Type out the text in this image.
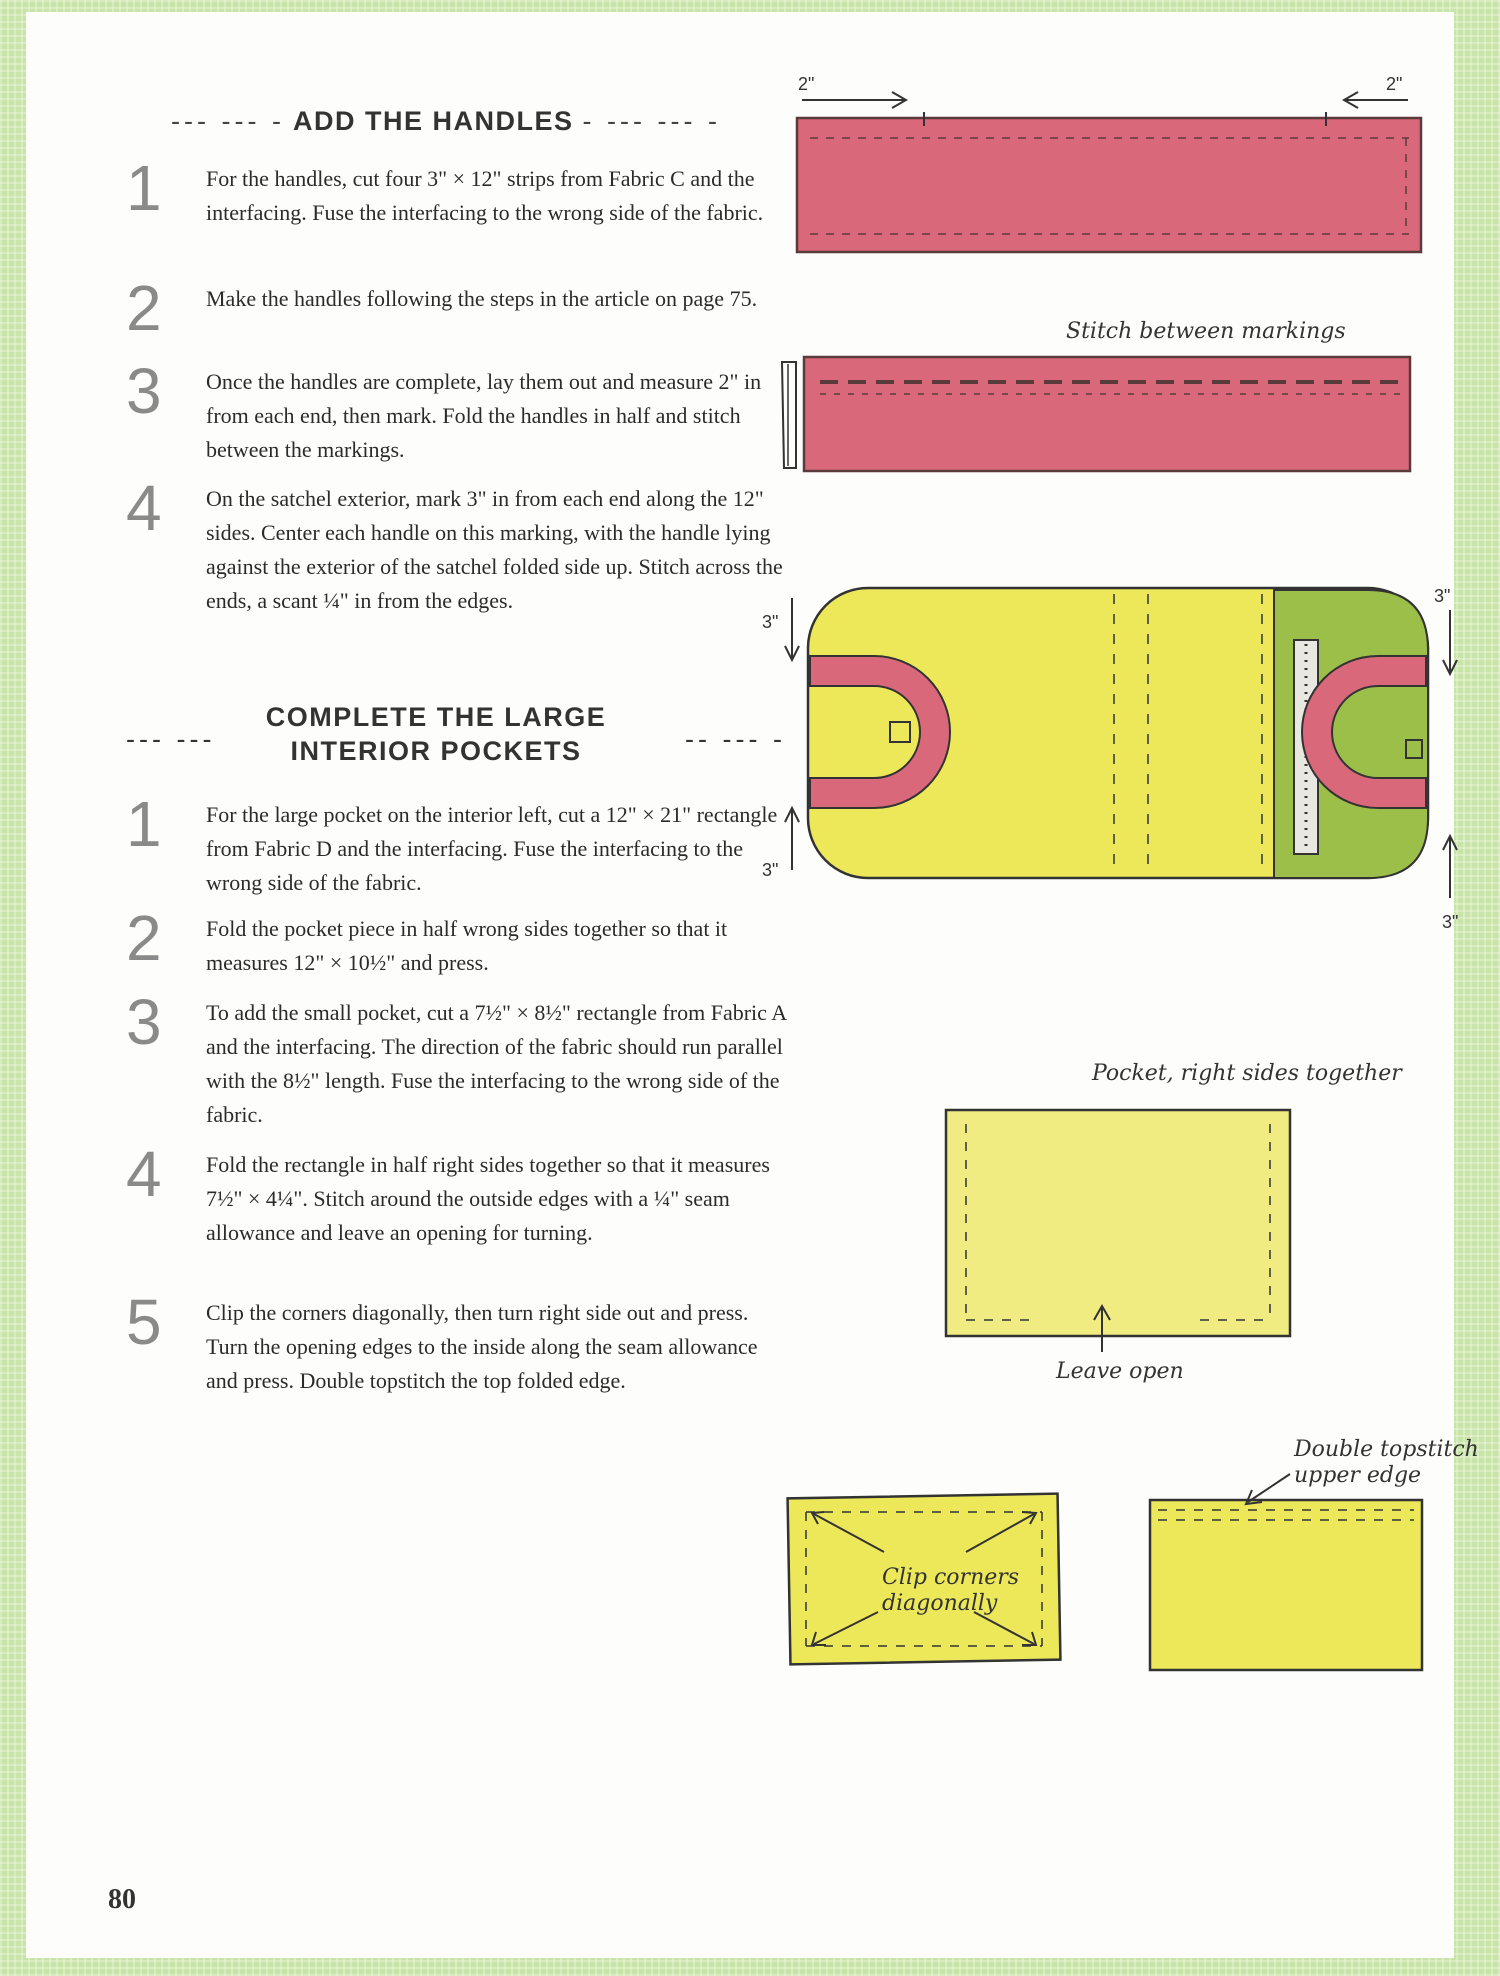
--- --- - ADD THE HANDLES - --- --- -
1	For the handles, cut four 3" × 12" strips from Fabric C and the interfacing. Fuse the interfacing to the wrong side of the fabric.
2	Make the handles following the steps in the article on page 75.
3	Once the handles are complete, lay them out and measure 2" in from each end, then mark. Fold the handles in half and stitch between the markings.
4	On the satchel exterior, mark 3" in from each end along the 12" sides. Center each handle on this marking, with the handle lying against the exterior of the satchel folded side up. Stitch across the ends, a scant ¼" in from the edges.
--- ---
COMPLETE THE LARGE
INTERIOR POCKETS	-- --- -
1	For the large pocket on the interior left, cut a 12" × 21" rectangle from Fabric D and the interfacing. Fuse the interfacing to the wrong side of the fabric.
2	Fold the pocket piece in half wrong sides together so that it measures 12" × 10½" and press.
3	To add the small pocket, cut a 7½" × 8½" rectangle from Fabric A and the interfacing. The direction of the fabric should run parallel with the 8½" length. Fuse the interfacing to the wrong side of the fabric.
4	Fold the rectangle in half right sides together so that it measures 7½" × 4¼". Stitch around the outside edges with a ¼" seam allowance and leave an opening for turning.
5	Clip the corners diagonally, then turn right side out and press. Turn the opening edges to the inside along the seam allowance and press. Double topstitch the top folded edge.
80
2"	2"
Stitch between markings
3"
3"
3"
3"
Pocket, right sides together
Leave open
Clip corners
diagonally
Double topstitch
upper edge
